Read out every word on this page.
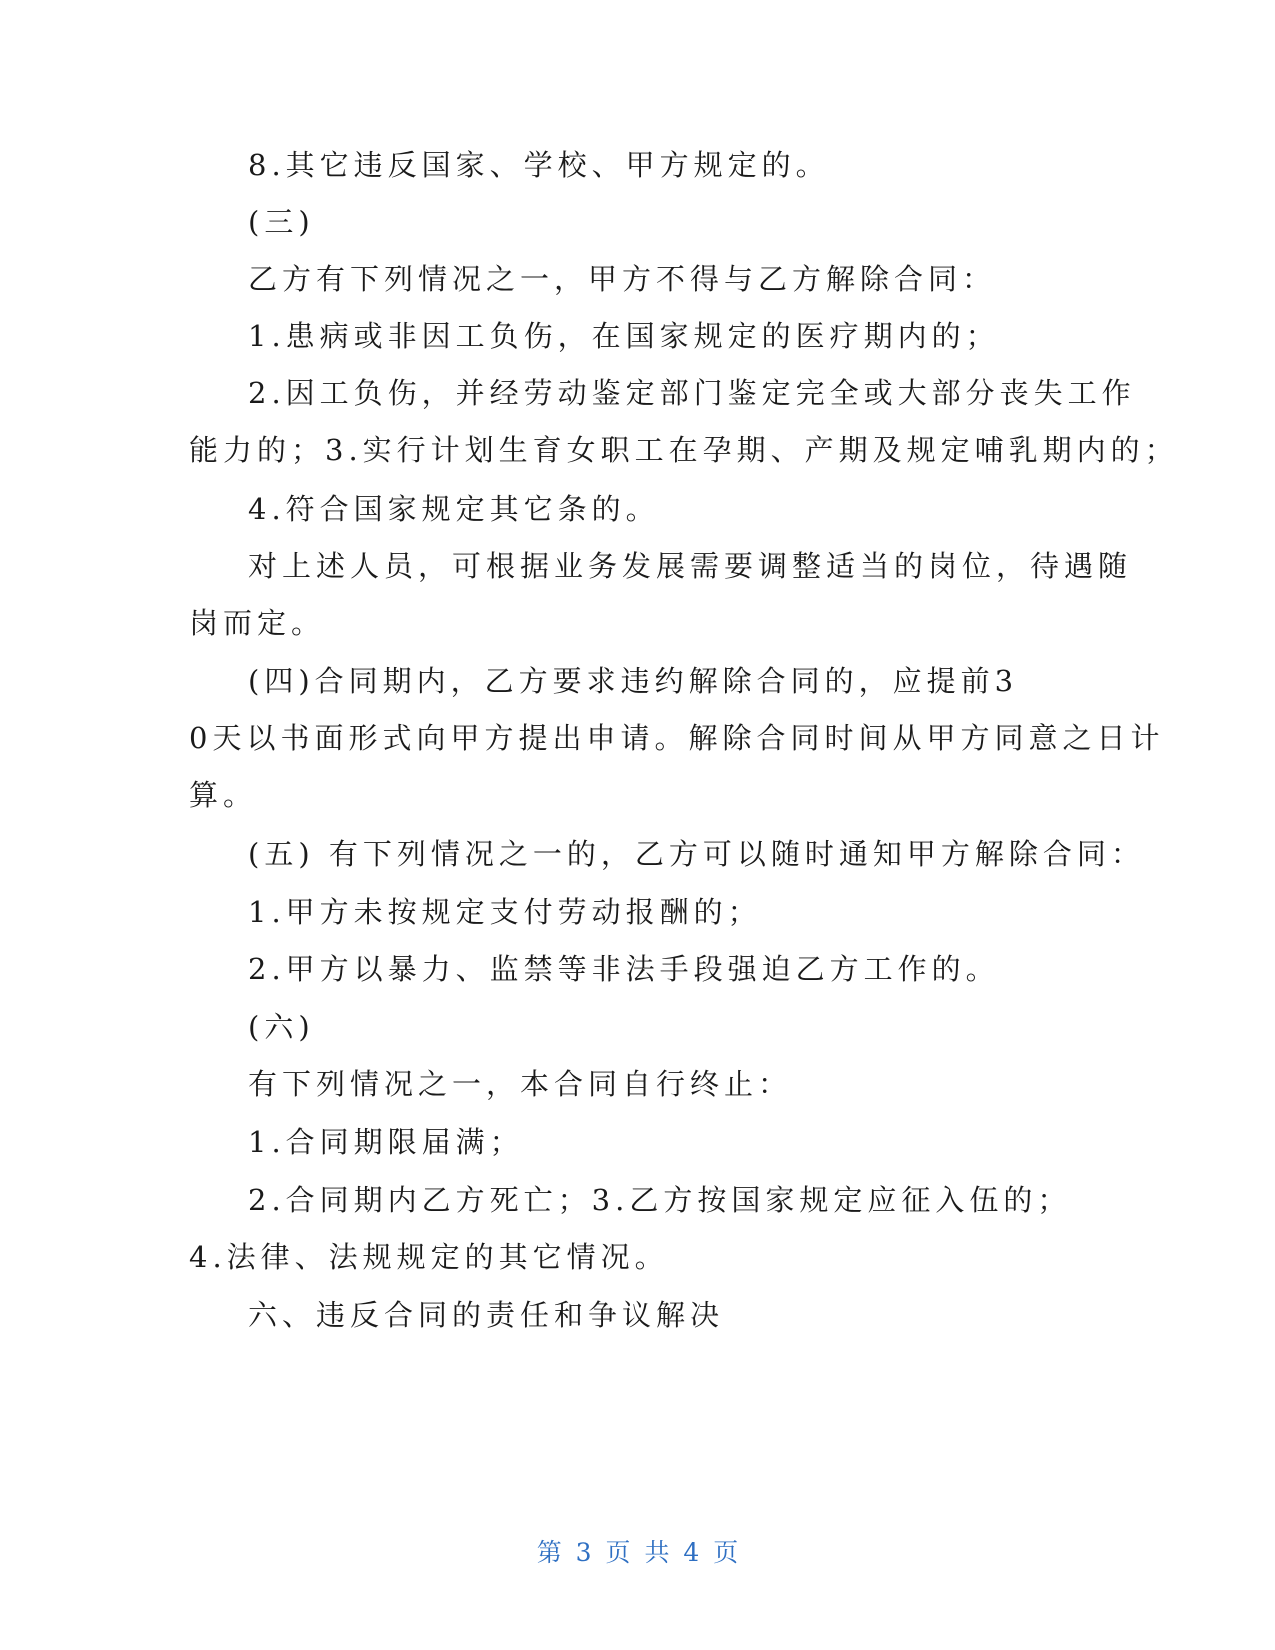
8.其它违反国家、学校、甲方规定的。
(三)
乙方有下列情况之一，甲方不得与乙方解除合同：
1.患病或非因工负伤，在国家规定的医疗期内的；
2.因工负伤，并经劳动鉴定部门鉴定完全或大部分丧失工作
能力的；3.实行计划生育女职工在孕期、产期及规定哺乳期内的；
4.符合国家规定其它条的。
对上述人员，可根据业务发展需要调整适当的岗位，待遇随
岗而定。
(四)合同期内，乙方要求违约解除合同的，应提前3
0天以书面形式向甲方提出申请。解除合同时间从甲方同意之日计
算。
(五) 有下列情况之一的，乙方可以随时通知甲方解除合同：
1.甲方未按规定支付劳动报酬的；
2.甲方以暴力、监禁等非法手段强迫乙方工作的。
(六)
有下列情况之一，本合同自行终止：
1.合同期限届满；
2.合同期内乙方死亡；3.乙方按国家规定应征入伍的；
4.法律、法规规定的其它情况。
六、违反合同的责任和争议解决
第 3 页 共 4 页
